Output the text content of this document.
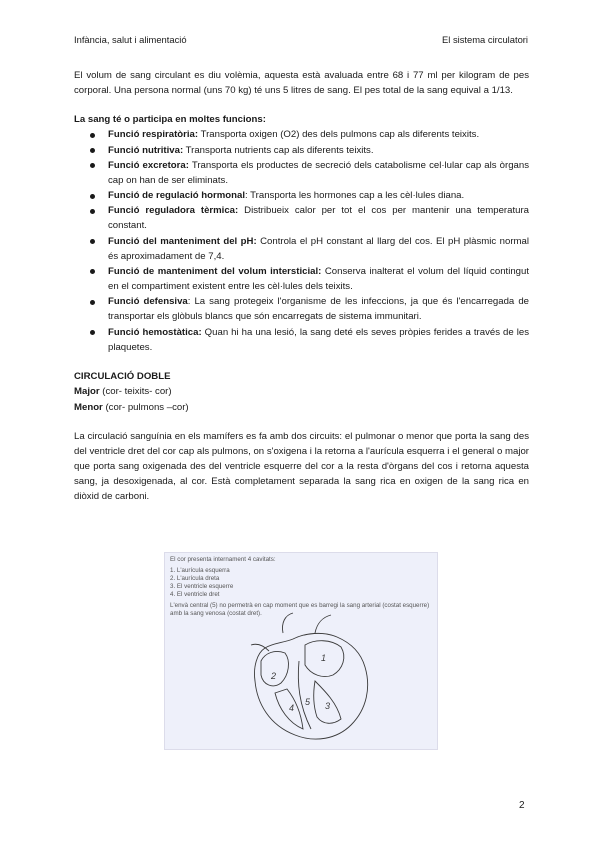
Infància, salut i alimentació	El sistema circulatori

El volum de sang circulant es diu volèmia, aquesta està avaluada entre 68 i 77 ml per kilogram de pes corporal. Una persona normal (uns 70 kg) té uns 5 litres de sang. El pes total de la sang equival a 1/13.

La sang té o participa en moltes funcions:

Funció respiratòria: Transporta oxigen (O2) des dels pulmons cap als diferents teixits.
Funció nutritiva: Transporta nutrients cap als diferents teixits.
Funció excretora: Transporta els productes de secreció dels catabolisme cel·lular cap als òrgans cap on han de ser eliminats.
Funció de regulació hormonal: Transporta les hormones cap a les cèl·lules diana.
Funció reguladora tèrmica: Distribueix calor per tot el cos per mantenir una temperatura constant.
Funció del manteniment del pH: Controla el pH constant al llarg del cos. El pH plàsmic normal és aproximadament de 7,4.
Funció de manteniment del volum intersticial: Conserva inalterat el volum del líquid contingut en el compartiment existent entre les cèl·lules dels teixits.
Funció defensiva: La sang protegeix l'organisme de les infeccions, ja que és l'encarregada de transportar els glòbuls blancs que són encarregats de sistema immunitari.
Funció hemostàtica: Quan hi ha una lesió, la sang deté els seves pròpies ferides a través de les plaquetes.
CIRCULACIÓ DOBLE
Major (cor- teixits- cor)
Menor (cor- pulmons –cor)

La circulació sanguínia en els mamífers es fa amb dos circuits: el pulmonar o menor que porta la sang des del ventricle dret del cor cap als pulmons, on s'oxigena i la retorna a l'aurícula esquerra i el general o major que porta sang oxigenada des del ventricle esquerre del cor a la resta d'òrgans del cos i retorna aquesta sang, ja desoxigenada, al cor. Està completament separada la sang rica en oxigen de la sang rica en diòxid de carboni.

1
2
3
4
5
El cor presenta internament 4 cavitats:
1. L'aurícula esquerra
2. L'aurícula dreta
3. El ventricle esquerre
4. El ventricle dret
L'envà central (5) no permetrà en cap moment que es barregi la sang arterial (costat esquerre) amb la sang venosa (costat dret).
2
